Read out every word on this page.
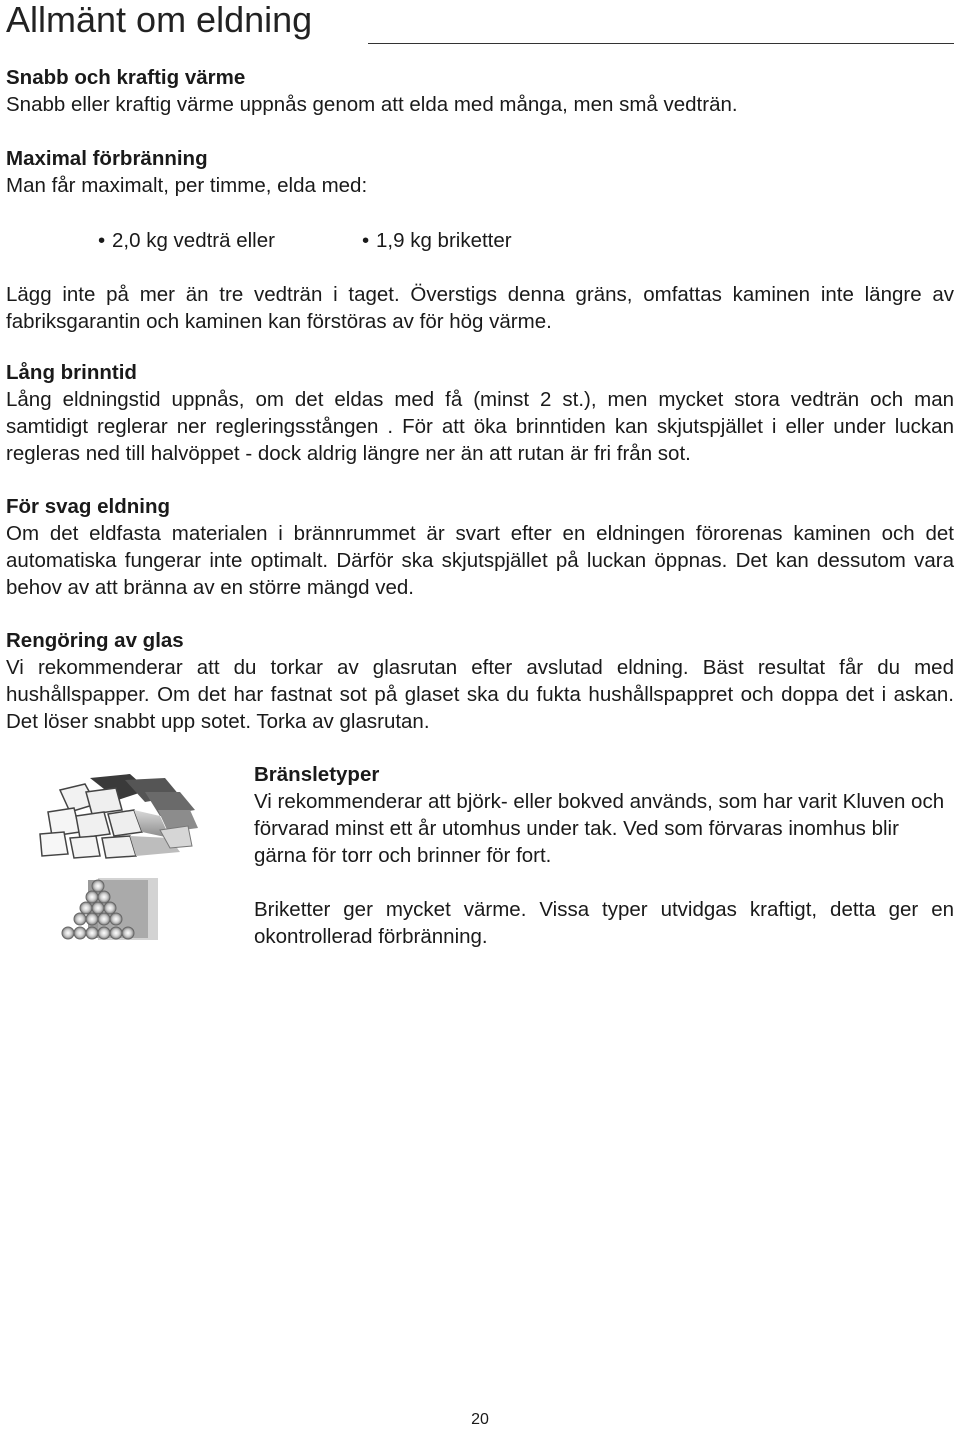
Allmänt om eldning

Snabb och kraftig värme

Snabb eller kraftig värme uppnås genom att elda med många, men små vedträn.

Maximal förbränning

Man får maximalt, per timme, elda med:

• 2,0 kg vedträ eller	• 1,9 kg briketter

Lägg inte på mer än tre vedträn i taget. Överstigs denna gräns, omfattas kaminen inte längre av fabriksgarantin och kaminen kan förstöras av för hög värme.

Lång brinntid

Lång eldningstid uppnås, om det eldas med få (minst 2 st.), men mycket stora vedträn och man samtidigt reglerar ner regleringsstången . För att öka brinntiden kan skjutspjället i eller under luckan regleras ned till halvöppet - dock aldrig längre ner än att rutan är fri från sot.

För svag eldning

Om det eldfasta materialen i brännrummet är svart efter en eldningen förorenas kaminen och det automatiska fungerar inte optimalt. Därför ska skjutspjället på luckan öppnas. Det kan dessutom vara behov av att bränna av en större mängd ved.

Rengöring av glas

Vi rekommenderar att du torkar av glasrutan efter avslutad eldning. Bäst resultat får du med hushållspapper. Om det har fastnat sot på glaset ska du fukta hushållspappret och doppa det i askan. Det löser snabbt upp sotet. Torka av glasrutan.

Bränsletyper

Vi rekommenderar att björk- eller bokved används, som har varit Kluven och förvarad minst ett år utomhus under tak. Ved som förvaras inomhus blir gärna för torr och brinner för fort.

Briketter ger mycket värme. Vissa typer utvidgas kraftigt, detta ger en okontrollerad förbränning.

20
